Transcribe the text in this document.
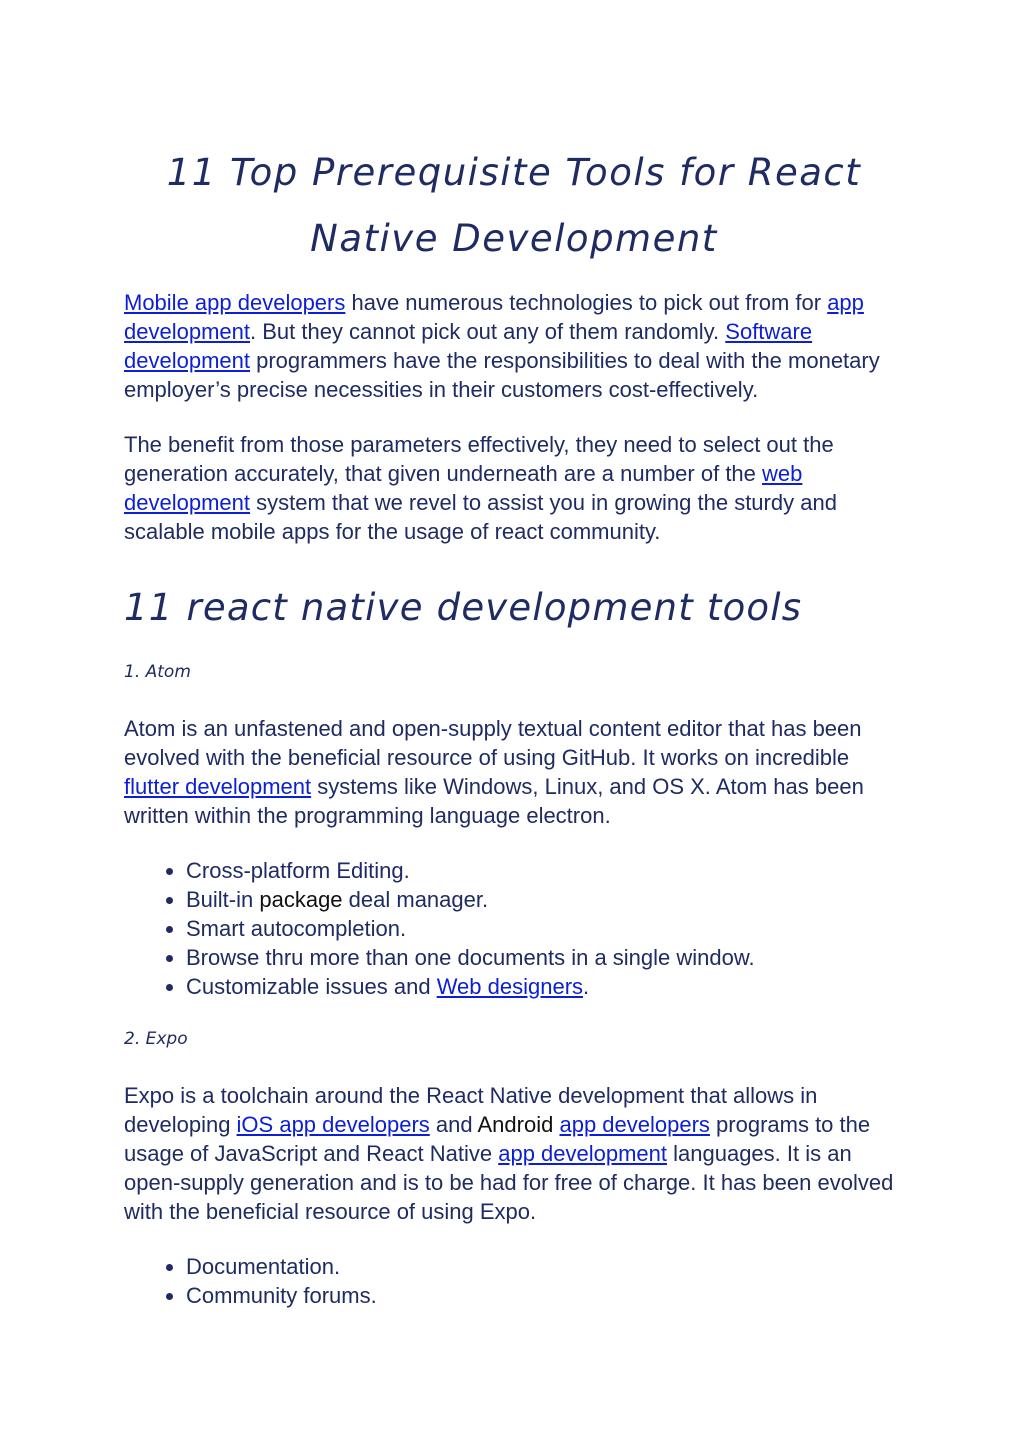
11 Top Prerequisite Tools for React
Native Development

Mobile app developers have numerous technologies to pick out from for app development. But they cannot pick out any of them randomly. Software development programmers have the responsibilities to deal with the monetary employer’s precise necessities in their customers cost-effectively.

The benefit from those parameters effectively, they need to select out the generation accurately, that given underneath are a number of the web development system that we revel to assist you in growing the sturdy and scalable mobile apps for the usage of react community.

11 react native development tools
1. Atom

Atom is an unfastened and open-supply textual content editor that has been evolved with the beneficial resource of using GitHub. It works on incredible flutter development systems like Windows, Linux, and OS X. Atom has been written within the programming language electron.

• Cross-platform Editing.
• Built-in package deal manager.
• Smart autocompletion.
• Browse thru more than one documents in a single window.
• Customizable issues and Web designers.
2. Expo

Expo is a toolchain around the React Native development that allows in developing iOS app developers and Android app developers programs to the usage of JavaScript and React Native app development languages. It is an open-supply generation and is to be had for free of charge. It has been evolved with the beneficial resource of using Expo.

• Documentation.
• Community forums.
